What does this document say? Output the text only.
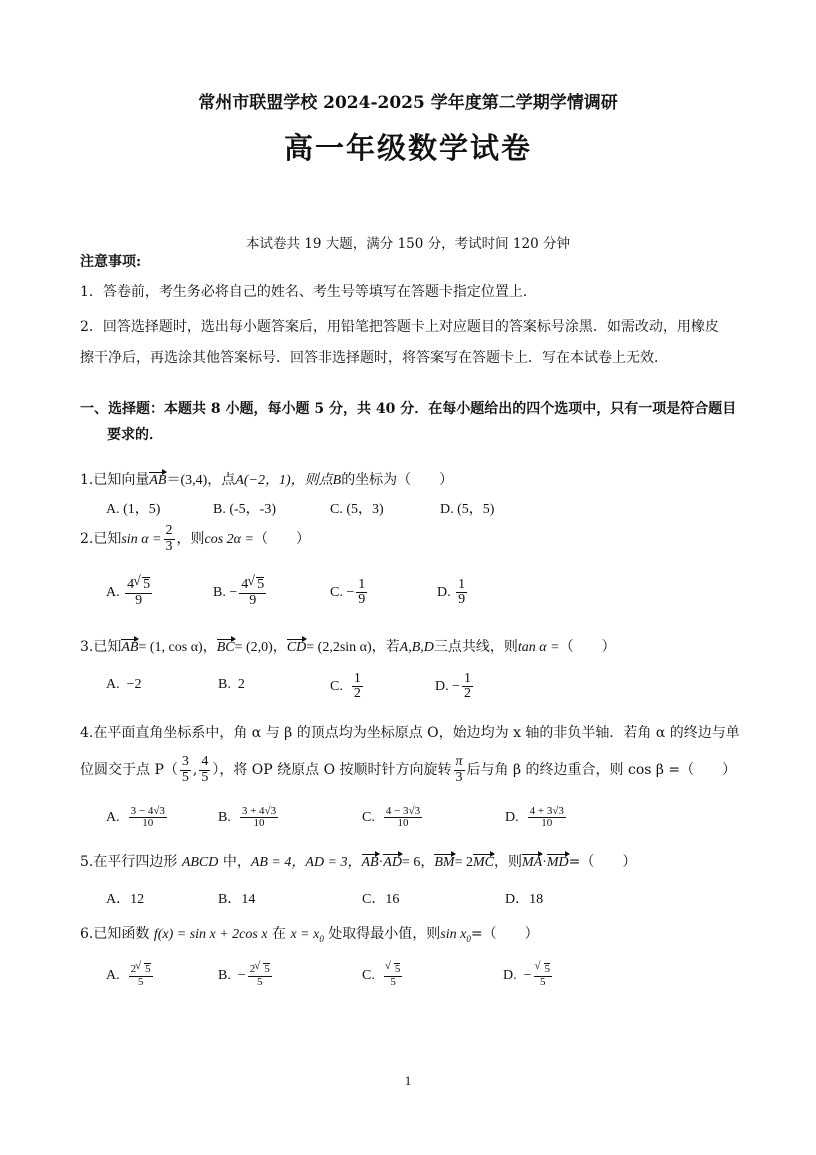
常州市联盟学校 2024-2025 学年度第二学期学情调研
高一年级数学试卷
本试卷共 19 大题，满分 150 分，考试时间 120 分钟
注意事项:
1．答卷前，考生务必将自己的姓名、考生号等填写在答题卡指定位置上．
2．回答选择题时，选出每小题答案后，用铅笔把答题卡上对应题目的答案标号涂黑．如需改动，用橡皮
擦干净后，再选涂其他答案标号．回答非选择题时，将答案写在答题卡上．写在本试卷上无效．
一、选择题：本题共 8 小题，每小题 5 分，共 40 分．在每小题给出的四个选项中，只有一项是符合题目
要求的．
1.已知向量AB＝(3,4)，点A(−2，1)，则点B的坐标为（　　）
A. (1，5)	B. (-5，-3)	C. (5，3)	D. (5，5)
2.已知$\sin \alpha = \frac{2}{3}$ ，则cos 2α =（　　）
A. $\frac{4 √ 5}{9}$	B. − $\frac{4 √ 5}{9}$	C. − $\frac{1}{9}$	D. $\frac{1}{9}$
3.已知AB= (1, cos α)，BC= (2,0)，CD= (2,2sin α)，若A,B,D三点共线，则tan α =（　　）
A. −2	B. 2	C. $\frac{1}{2}$	D. − $\frac{1}{2}$
4.在平面直角坐标系中，角 α 与 β 的顶点均为坐标原点 O，始边均为 x 轴的非负半轴．若角 α 的终边与单
位圆交于点 $P( \frac{3}{5}$ , $\frac{4}{5}$ ），将 OP 绕原点 O 按顺时针方向旋转 $\frac{\pi}{3}$ 后与角 β 的终边重合，则 cos β =（　　）
A. $\frac{3 - 4√3}{10}$	B. $\frac{3 + 4√3}{10}$	C. $\frac{4 - 3√3}{10}$	D. $\frac{4 + 3√3}{10}$
5.在平行四边形 ABCD 中，AB = 4，AD = 3，AB·AD= 6，BM= 2MC，则MA·MD=（　　）
A．12	B．14	C．16	D．18
6.已知函数 f(x) = sin x + 2cos x 在 $x = x_0$ 处取得最小值，则$\sin x_0=$（　　）
A. $\frac{2 √ 5}{5}$	B. − $\frac{2 √ 5}{5}$	C. √ $\frac{5}{5}$	D. − √ $\frac{5}{5}$
1
